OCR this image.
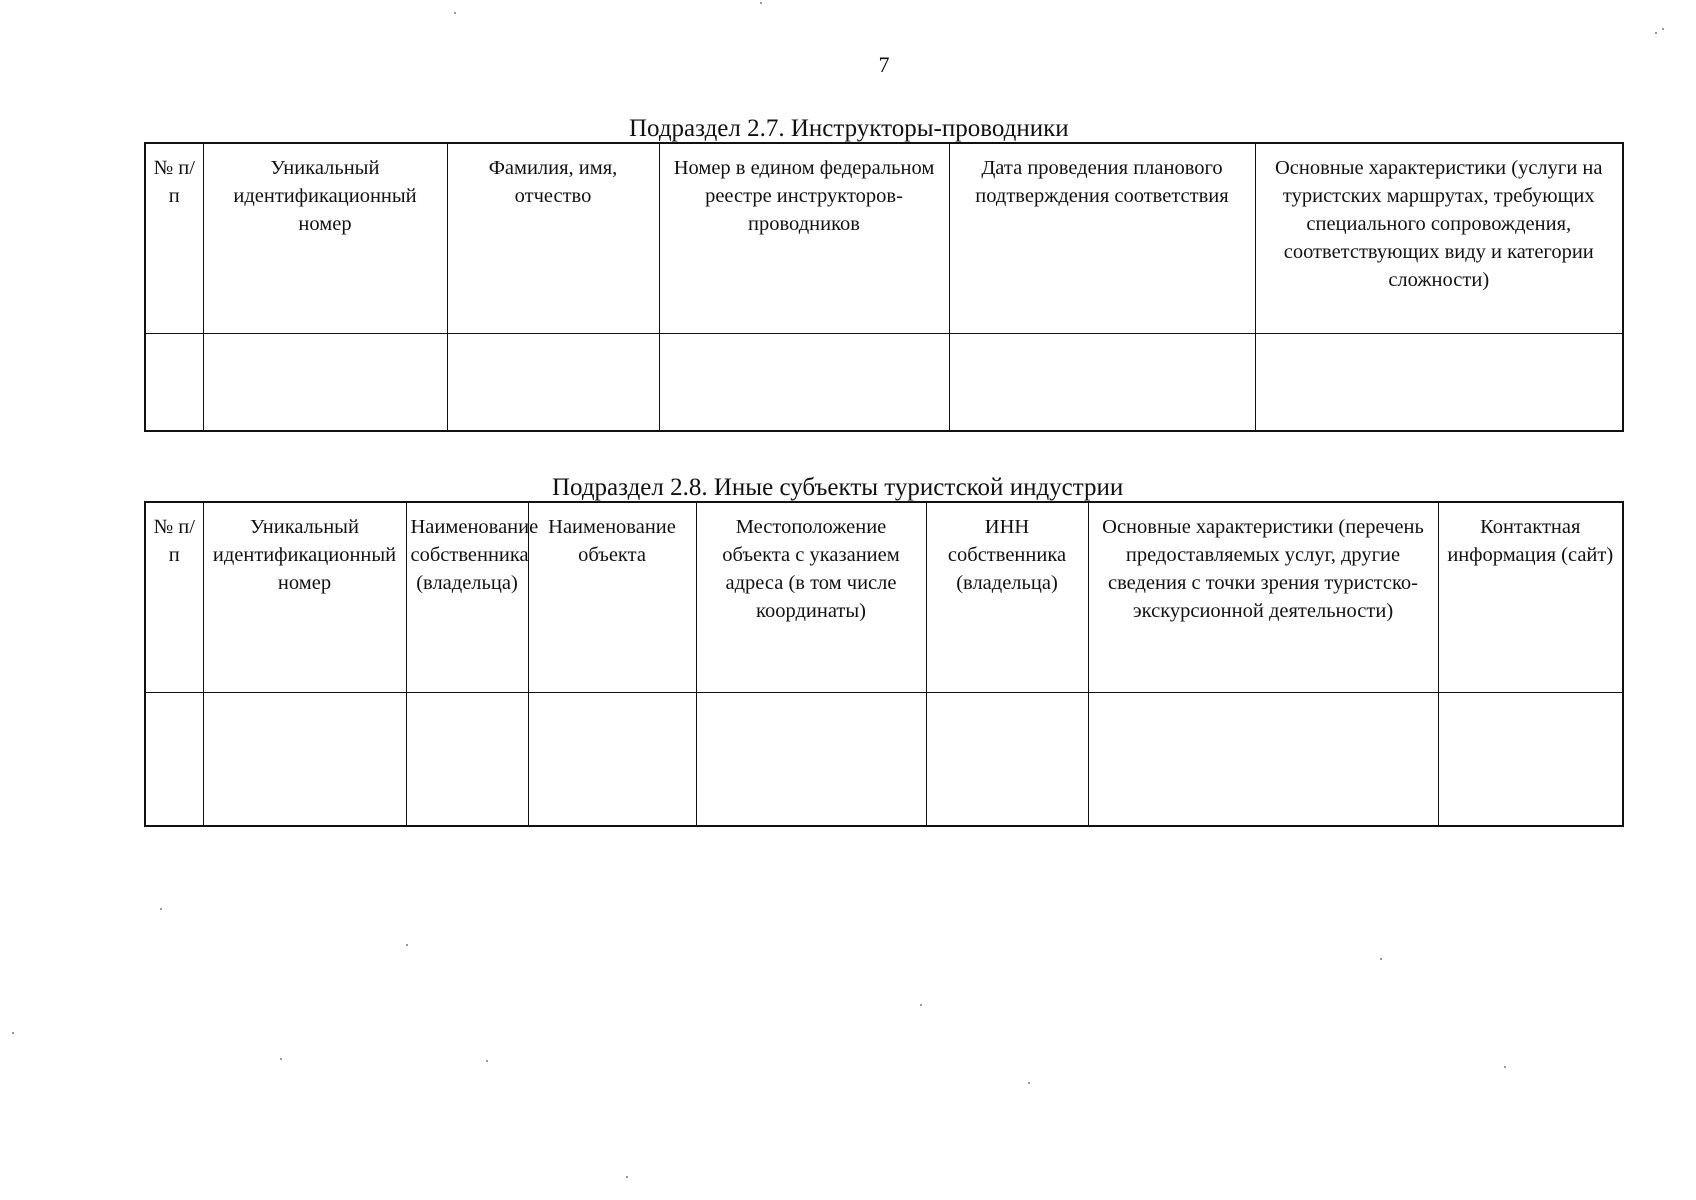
7
Подраздел 2.7. Инструкторы-проводники
№ п/п	Уникальный идентификационный номер	Фамилия, имя, отчество	Номер в едином федеральном реестре инструкторов-проводников	Дата проведения планового подтверждения соответствия	Основные характеристики (услуги на туристских маршрутах, требующих специального сопровождения, соответствующих виду и категории сложности)

Подраздел 2.8. Иные субъекты туристской индустрии
№ п/п	Уникальный идентификационный номер	Наименование собственника (владельца)	Наименование объекта	Местоположение объекта с указанием адреса (в том числе координаты)	ИНН собственника (владельца)	Основные характеристики (перечень предоставляемых услуг, другие сведения с точки зрения туристско-экскурсионной деятельности)	Контактная информация (сайт)
